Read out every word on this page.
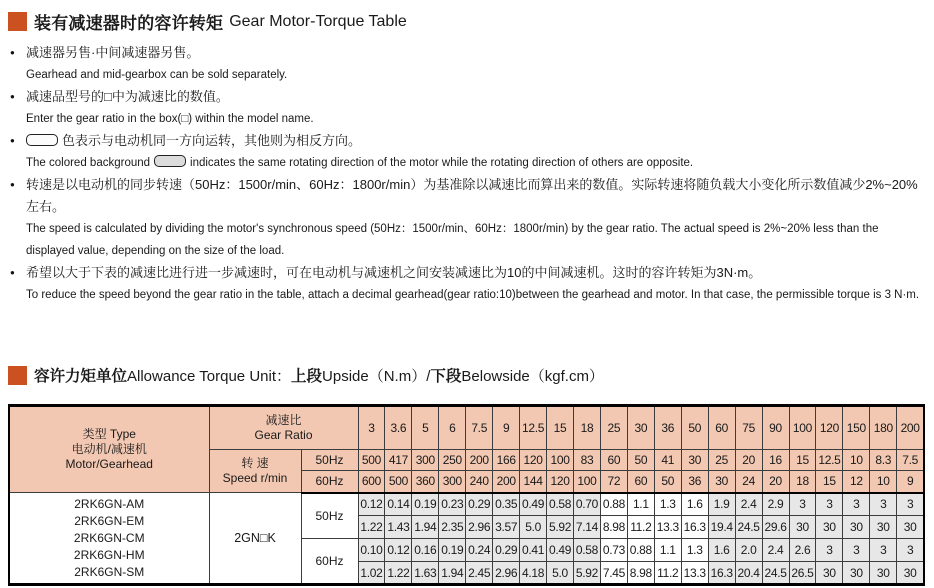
装有减速器时的容许转矩 Gear Motor-Torque Table
● 减速器另售·中间减速器另售。
Gearhead and mid-gearbox can be sold separately.
● 减速品型号的□中为减速比的数值。
Enter the gear ratio in the box(□) within the model name.
●	色表示与电动机同一方向运转，其他则为相反方向。
The colored background	indicates the same rotating direction of the motor while the rotating direction of others are opposite.
● 转速是以电动机的同步转速（50Hz：1500r/min、60Hz：1800r/min）为基准除以减速比而算出来的数值。实际转速将随负载大小变化所示数值减少2%~20%左右。
The speed is calculated by dividing the motor's synchronous speed (50Hz：1500r/min、60Hz：1800r/min) by the gear ratio. The actual speed is 2%~20% less than the displayed value, depending on the size of the load.
● 希望以大于下表的减速比进行进一步减速时，可在电动机与减速机之间安装减速比为10的中间减速机。这时的容许转矩为3N·m。
To reduce the speed beyond the gear ratio in the table, attach a decimal gearhead(gear ratio:10)between the gearhead and motor. In that case, the permissible torque is 3 N·m.
容许力矩单位 Allowance Torque Unit： 上段 Upside（N.m）/ 下段 Belowside（kgf.cm）
类型 Type
电动机/减速机
Motor/Gearhead

减速比
Gear Ratio	3	3.6	5	6	7.5	9	12.5	15	18	25	30	36	50	60	75	90	100	120	150	180	200

	转 速
Speed r/min	50Hz	500	417	300	250	200	166	120	100	83	60	50	41	30	25	20	16	15	12.5	10	8.3	7.5
		60Hz	600	500	360	300	240	200	144	120	100	72	60	50	36	30	24	20	18	15	12	10	9

2RK6GN-AM
2RK6GN-EM
2RK6GN-CM
2RK6GN-HM
2RK6GN-SM	2GN□K	50Hz	0.12	0.14	0.19	0.23	0.29	0.35	0.49	0.58	0.70	0.88	1.1	1.3	1.6	1.9	2.4	2.9	3	3	3	3	3
			1.22	1.43	1.94	2.35	2.96	3.57	5.0	5.92	7.14	8.98	11.2	13.3	16.3	19.4	24.5	29.6	30	30	30	30	30
		60Hz	0.10	0.12	0.16	0.19	0.24	0.29	0.41	0.49	0.58	0.73	0.88	1.1	1.3	1.6	2.0	2.4	2.6	3	3	3	3
			1.02	1.22	1.63	1.94	2.45	2.96	4.18	5.0	5.92	7.45	8.98	11.2	13.3	16.3	20.4	24.5	26.5	30	30	30	30
